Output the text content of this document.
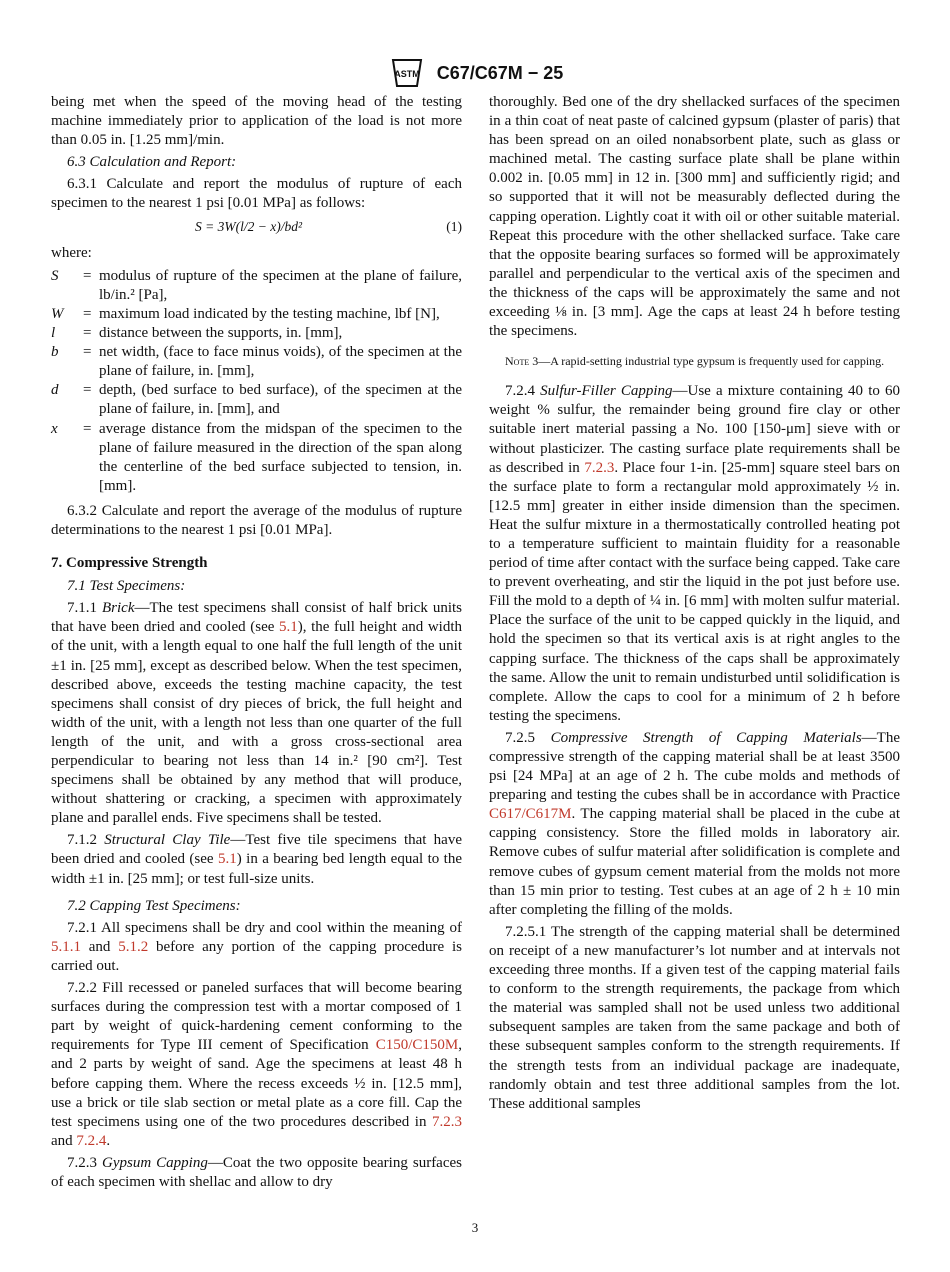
ASTM C67/C67M − 25

being met when the speed of the moving head of the testing machine immediately prior to application of the load is not more than 0.05 in. [1.25 mm]/min.

6.3 Calculation and Report:

6.3.1 Calculate and report the modulus of rupture of each specimen to the nearest 1 psi [0.01 MPa] as follows:

S = 3W(l/2 − x)/bd²	(1)

where:

S	= modulus of rupture of the specimen at the plane of failure, lb/in.² [Pa],
W	= maximum load indicated by the testing machine, lbf [N],
l	= distance between the supports, in. [mm],
b	= net width, (face to face minus voids), of the specimen at the plane of failure, in. [mm],
d	= depth, (bed surface to bed surface), of the specimen at the plane of failure, in. [mm], and
x	= average distance from the midspan of the specimen to the plane of failure measured in the direction of the span along the centerline of the bed surface subjected to tension, in. [mm].

6.3.2 Calculate and report the average of the modulus of rupture determinations to the nearest 1 psi [0.01 MPa].

7. Compressive Strength

7.1 Test Specimens:

7.1.1 Brick—The test specimens shall consist of half brick units that have been dried and cooled (see 5.1), the full height and width of the unit, with a length equal to one half the full length of the unit ±1 in. [25 mm], except as described below. When the test specimen, described above, exceeds the testing machine capacity, the test specimens shall consist of dry pieces of brick, the full height and width of the unit, with a length not less than one quarter of the full length of the unit, and with a gross cross-sectional area perpendicular to bearing not less than 14 in.² [90 cm²]. Test specimens shall be obtained by any method that will produce, without shattering or cracking, a specimen with approximately plane and parallel ends. Five specimens shall be tested.

7.1.2 Structural Clay Tile—Test five tile specimens that have been dried and cooled (see 5.1) in a bearing bed length equal to the width ±1 in. [25 mm]; or test full-size units.

7.2 Capping Test Specimens:

7.2.1 All specimens shall be dry and cool within the meaning of 5.1.1 and 5.1.2 before any portion of the capping procedure is carried out.

7.2.2 Fill recessed or paneled surfaces that will become bearing surfaces during the compression test with a mortar composed of 1 part by weight of quick-hardening cement conforming to the requirements for Type III cement of Specification C150/C150M, and 2 parts by weight of sand. Age the specimens at least 48 h before capping them. Where the recess exceeds ½ in. [12.5 mm], use a brick or tile slab section or metal plate as a core fill. Cap the test specimens using one of the two procedures described in 7.2.3 and 7.2.4.

7.2.3 Gypsum Capping—Coat the two opposite bearing surfaces of each specimen with shellac and allow to dry

thoroughly. Bed one of the dry shellacked surfaces of the specimen in a thin coat of neat paste of calcined gypsum (plaster of paris) that has been spread on an oiled nonabsorbent plate, such as glass or machined metal. The casting surface plate shall be plane within 0.002 in. [0.05 mm] in 12 in. [300 mm] and sufficiently rigid; and so supported that it will not be measurably deflected during the capping operation. Lightly coat it with oil or other suitable material. Repeat this procedure with the other shellacked surface. Take care that the opposite bearing surfaces so formed will be approximately parallel and perpendicular to the vertical axis of the specimen and the thickness of the caps will be approximately the same and not exceeding ⅛ in. [3 mm]. Age the caps at least 24 h before testing the specimens.

Note 3—A rapid-setting industrial type gypsum is frequently used for capping.

7.2.4 Sulfur-Filler Capping—Use a mixture containing 40 to 60 weight % sulfur, the remainder being ground fire clay or other suitable inert material passing a No. 100 [150-μm] sieve with or without plasticizer. The casting surface plate requirements shall be as described in 7.2.3. Place four 1-in. [25-mm] square steel bars on the surface plate to form a rectangular mold approximately ½ in. [12.5 mm] greater in either inside dimension than the specimen. Heat the sulfur mixture in a thermostatically controlled heating pot to a temperature sufficient to maintain fluidity for a reasonable period of time after contact with the surface being capped. Take care to prevent overheating, and stir the liquid in the pot just before use. Fill the mold to a depth of ¼ in. [6 mm] with molten sulfur material. Place the surface of the unit to be capped quickly in the liquid, and hold the specimen so that its vertical axis is at right angles to the capping surface. The thickness of the caps shall be approximately the same. Allow the unit to remain undisturbed until solidification is complete. Allow the caps to cool for a minimum of 2 h before testing the specimens.

7.2.5 Compressive Strength of Capping Materials—The compressive strength of the capping material shall be at least 3500 psi [24 MPa] at an age of 2 h. The cube molds and methods of preparing and testing the cubes shall be in accordance with Practice C617/C617M. The capping material shall be placed in the cube at capping consistency. Store the filled molds in laboratory air. Remove cubes of sulfur material after solidification is complete and remove cubes of gypsum cement material from the molds not more than 15 min prior to testing. Test cubes at an age of 2 h ± 10 min after completing the filling of the molds.

7.2.5.1 The strength of the capping material shall be determined on receipt of a new manufacturer’s lot number and at intervals not exceeding three months. If a given test of the capping material fails to conform to the strength requirements, the package from which the material was sampled shall not be used unless two additional subsequent samples are taken from the same package and both of these subsequent samples conform to the strength requirements. If the strength tests from an individual package are inadequate, randomly obtain and test three additional samples from the lot. These additional samples

3
